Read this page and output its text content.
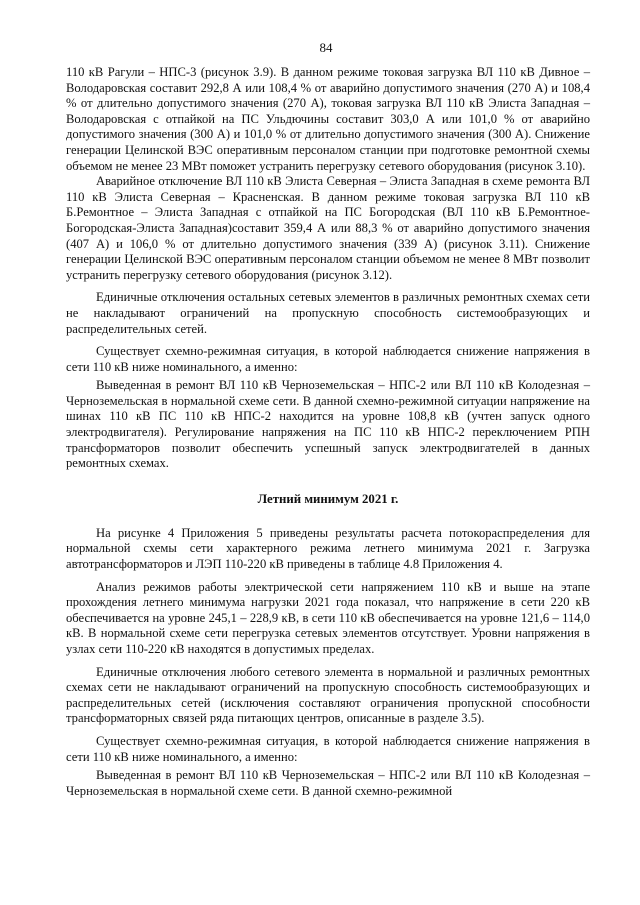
84

110 кВ Рагули – НПС-3 (рисунок 3.9). В данном режиме токовая загрузка ВЛ 110 кВ Дивное – Володаровская составит 292,8 А или 108,4 % от аварийно допустимого значения (270 А) и 108,4 % от длительно допустимого значения (270 А), токовая загрузка ВЛ 110 кВ Элиста Западная – Володаровская с отпайкой на ПС Ульдючины составит 303,0 А или 101,0 % от аварийно допустимого значения (300 А) и 101,0 % от длительно допустимого значения (300 А). Снижение генерации Целинской ВЭС оперативным персоналом станции при подготовке ремонтной схемы объемом не менее 23 МВт поможет устранить перегрузку сетевого оборудования (рисунок 3.10).

Аварийное отключение ВЛ 110 кВ Элиста Северная – Элиста Западная в схеме ремонта ВЛ 110 кВ Элиста Северная – Красненская. В данном режиме токовая загрузка ВЛ 110 кВ Б.Ремонтное – Элиста Западная с отпайкой на ПС Богородская (ВЛ 110 кВ Б.Ремонтное-Богородская-Элиста Западная)составит 359,4 А или 88,3 % от аварийно допустимого значения (407 А) и 106,0 % от длительно допустимого значения (339 А) (рисунок 3.11). Снижение генерации Целинской ВЭС оперативным персоналом станции объемом не менее 8 МВт позволит устранить перегрузку сетевого оборудования (рисунок 3.12).

Единичные отключения остальных сетевых элементов в различных ремонтных схемах сети не накладывают ограничений на пропускную способность системообразующих и распределительных сетей.

Существует схемно-режимная ситуация, в которой наблюдается снижение напряжения в сети 110 кВ ниже номинального, а именно:

Выведенная в ремонт ВЛ 110 кВ Черноземельская – НПС-2 или ВЛ 110 кВ Колодезная – Черноземельская в нормальной схеме сети. В данной схемно-режимной ситуации напряжение на шинах 110 кВ ПС 110 кВ НПС-2 находится на уровне 108,8 кВ (учтен запуск одного электродвигателя). Регулирование напряжения на ПС 110 кВ НПС-2 переключением РПН трансформаторов позволит обеспечить успешный запуск электродвигателей в данных ремонтных схемах.

Летний минимум 2021 г.

На рисунке 4 Приложения 5 приведены результаты расчета потокораспределения для нормальной схемы сети характерного режима летнего минимума 2021 г. Загрузка автотрансформаторов и ЛЭП 110-220 кВ приведены в таблице 4.8 Приложения 4.

Анализ режимов работы электрической сети напряжением 110 кВ и выше на этапе прохождения летнего минимума нагрузки 2021 года показал, что напряжение в сети 220 кВ обеспечивается на уровне 245,1 – 228,9 кВ, в сети 110 кВ обеспечивается на уровне 121,6 – 114,0 кВ. В нормальной схеме сети перегрузка сетевых элементов отсутствует. Уровни напряжения в узлах сети 110-220 кВ находятся в допустимых пределах.

Единичные отключения любого сетевого элемента в нормальной и различных ремонтных схемах сети не накладывают ограничений на пропускную способность системообразующих и распределительных сетей (исключения составляют ограничения пропускной способности трансформаторных связей ряда питающих центров, описанные в разделе 3.5).

Существует схемно-режимная ситуация, в которой наблюдается снижение напряжения в сети 110 кВ ниже номинального, а именно:

Выведенная в ремонт ВЛ 110 кВ Черноземельская – НПС-2 или ВЛ 110 кВ Колодезная – Черноземельская в нормальной схеме сети. В данной схемно-режимной
